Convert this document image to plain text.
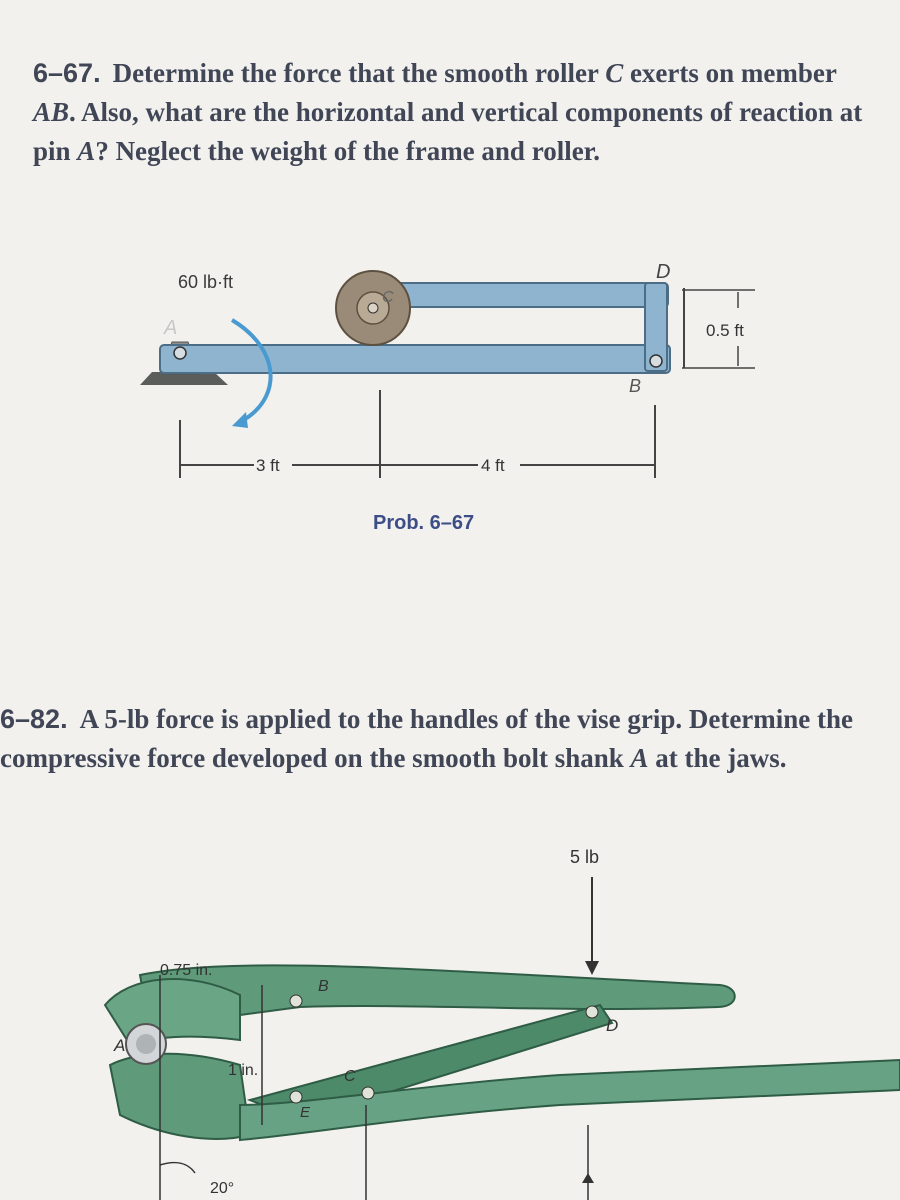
6–67. Determine the force that the smooth roller C exerts on member AB. Also, what are the horizontal and vertical components of reaction at pin A? Neglect the weight of the frame and roller.

60 lb·ft
A
B
C
D
3 ft	4 ft
0.5 ft
Prob. 6–67

6–82. A 5-lb force is applied to the handles of the vise grip. Determine the compressive force developed on the smooth bolt shank A at the jaws.

5 lb
0.75 in.
1 in.
20°
A
B
C
D
E
